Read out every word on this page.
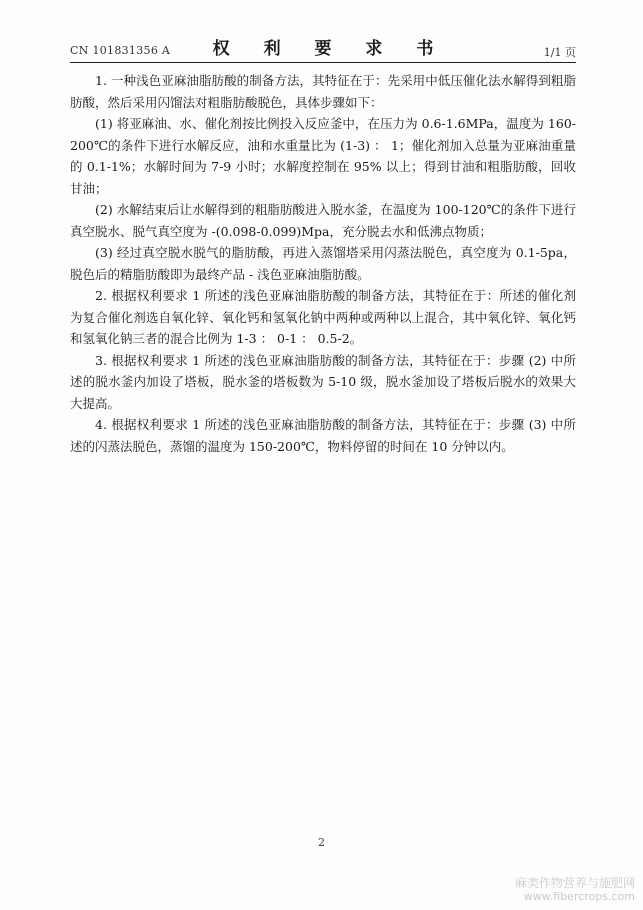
CN 101831356 A	权 利 要 求 书	1/1 页

1. 一种浅色亚麻油脂肪酸的制备方法，其特征在于：先采用中低压催化法水解得到粗脂肪酸，然后采用闪馏法对粗脂肪酸脱色，具体步骤如下：

(1) 将亚麻油、水、催化剂按比例投入反应釜中，在压力为 0.6-1.6MPa，温度为 160-200℃的条件下进行水解反应，油和水重量比为 (1-3) ： 1；催化剂加入总量为亚麻油重量的 0.1-1%；水解时间为 7-9 小时；水解度控制在 95% 以上；得到甘油和粗脂肪酸，回收甘油；

(2) 水解结束后让水解得到的粗脂肪酸进入脱水釜，在温度为 100-120℃的条件下进行真空脱水、脱气真空度为 -(0.098-0.099)Mpa，充分脱去水和低沸点物质；

(3) 经过真空脱水脱气的脂肪酸，再进入蒸馏塔采用闪蒸法脱色，真空度为 0.1-5pa，脱色后的精脂肪酸即为最终产品 - 浅色亚麻油脂肪酸。

2. 根据权利要求 1 所述的浅色亚麻油脂肪酸的制备方法，其特征在于：所述的催化剂为复合催化剂选自氧化锌、氧化钙和氢氧化钠中两种或两种以上混合，其中氧化锌、氧化钙和氢氧化钠三者的混合比例为 1-3 ： 0-1 ： 0.5-2。

3. 根据权利要求 1 所述的浅色亚麻油脂肪酸的制备方法，其特征在于：步骤 (2) 中所述的脱水釜内加设了塔板，脱水釜的塔板数为 5-10 级，脱水釜加设了塔板后脱水的效果大大提高。

4. 根据权利要求 1 所述的浅色亚麻油脂肪酸的制备方法，其特征在于：步骤 (3) 中所述的闪蒸法脱色，蒸馏的温度为 150-200℃，物料停留的时间在 10 分钟以内。

2
麻类作物营养与施肥网
www.fibercrops.com
